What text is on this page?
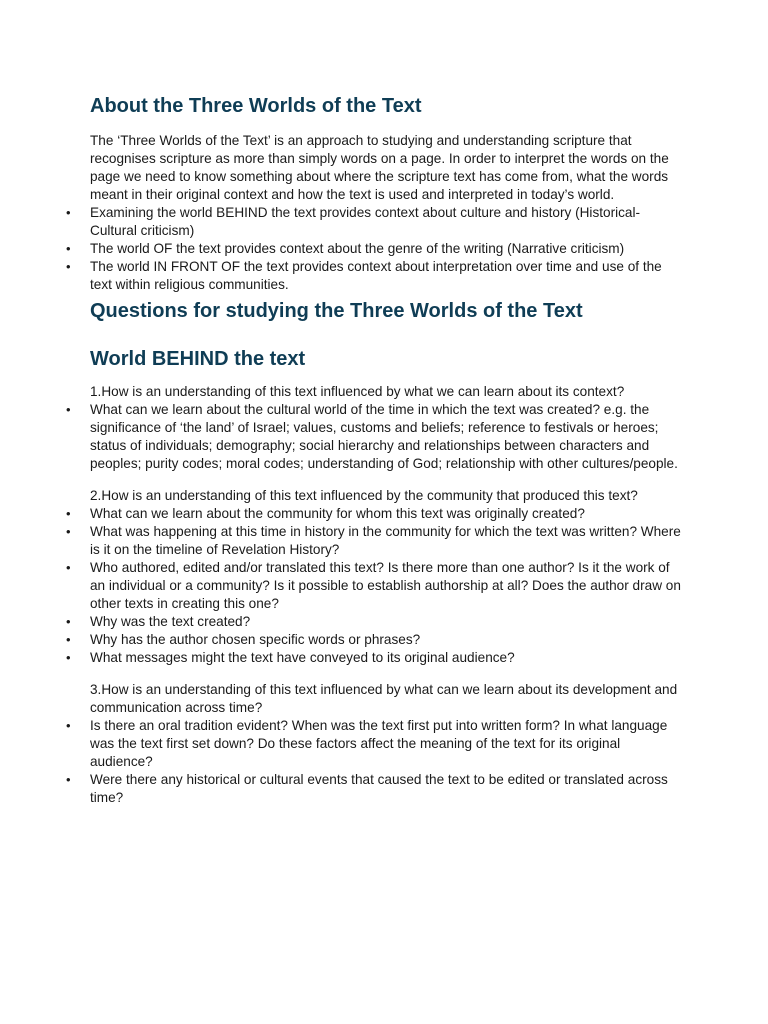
About the Three Worlds of the Text

The ‘Three Worlds of the Text’ is an approach to studying and understanding scripture that recognises scripture as more than simply words on a page. In order to interpret the words on the page we need to know something about where the scripture text has come from, what the words meant in their original context and how the text is used and interpreted in today’s world.

• Examining the world BEHIND the text provides context about culture and history (Historical-Cultural criticism)
• The world OF the text provides context about the genre of the writing (Narrative criticism)
• The world IN FRONT OF the text provides context about interpretation over time and use of the text within religious communities.
Questions for studying the Three Worlds of the Text
World BEHIND the text

1.How is an understanding of this text influenced by what we can learn about its context?

• What can we learn about the cultural world of the time in which the text was created? e.g. the significance of ‘the land’ of Israel; values, customs and beliefs; reference to festivals or heroes; status of individuals; demography; social hierarchy and relationships between characters and peoples; purity codes; moral codes; understanding of God; relationship with other cultures/people.

2.How is an understanding of this text influenced by the community that produced this text?

• What can we learn about the community for whom this text was originally created?
• What was happening at this time in history in the community for which the text was written? Where is it on the timeline of Revelation History?
• Who authored, edited and/or translated this text? Is there more than one author? Is it the work of an individual or a community? Is it possible to establish authorship at all? Does the author draw on other texts in creating this one?
• Why was the text created?
• Why has the author chosen specific words or phrases?
• What messages might the text have conveyed to its original audience?

3.How is an understanding of this text influenced by what can we learn about its development and communication across time?

• Is there an oral tradition evident? When was the text first put into written form? In what language was the text first set down? Do these factors affect the meaning of the text for its original audience?
• Were there any historical or cultural events that caused the text to be edited or translated across time?
